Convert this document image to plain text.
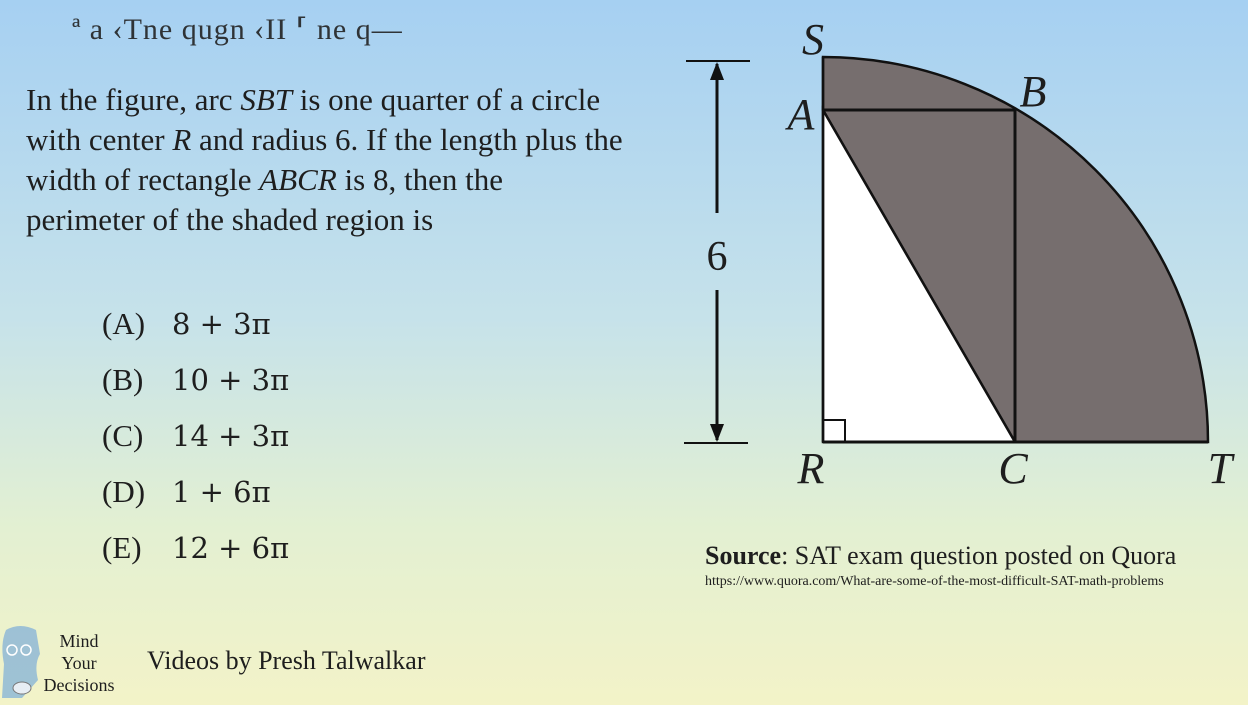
ª a ‹Tne qugn ‹II ⸢ ne q—

In the figure, arc SBT is one quarter of a circle with center R and radius 6. If the length plus the width of rectangle ABCR is 8, then the perimeter of the shaded region is

(A) 8 + 3π
(B) 10 + 3π
(C) 14 + 3π
(D) 1 + 6π
(E) 12 + 6π
6
S
B
A
R	C	T
Source: SAT exam question posted on Quora
https://www.quora.com/What-are-some-of-the-most-difficult-SAT-math-problems
Mind
Your
Decisions
Videos by Presh Talwalkar
